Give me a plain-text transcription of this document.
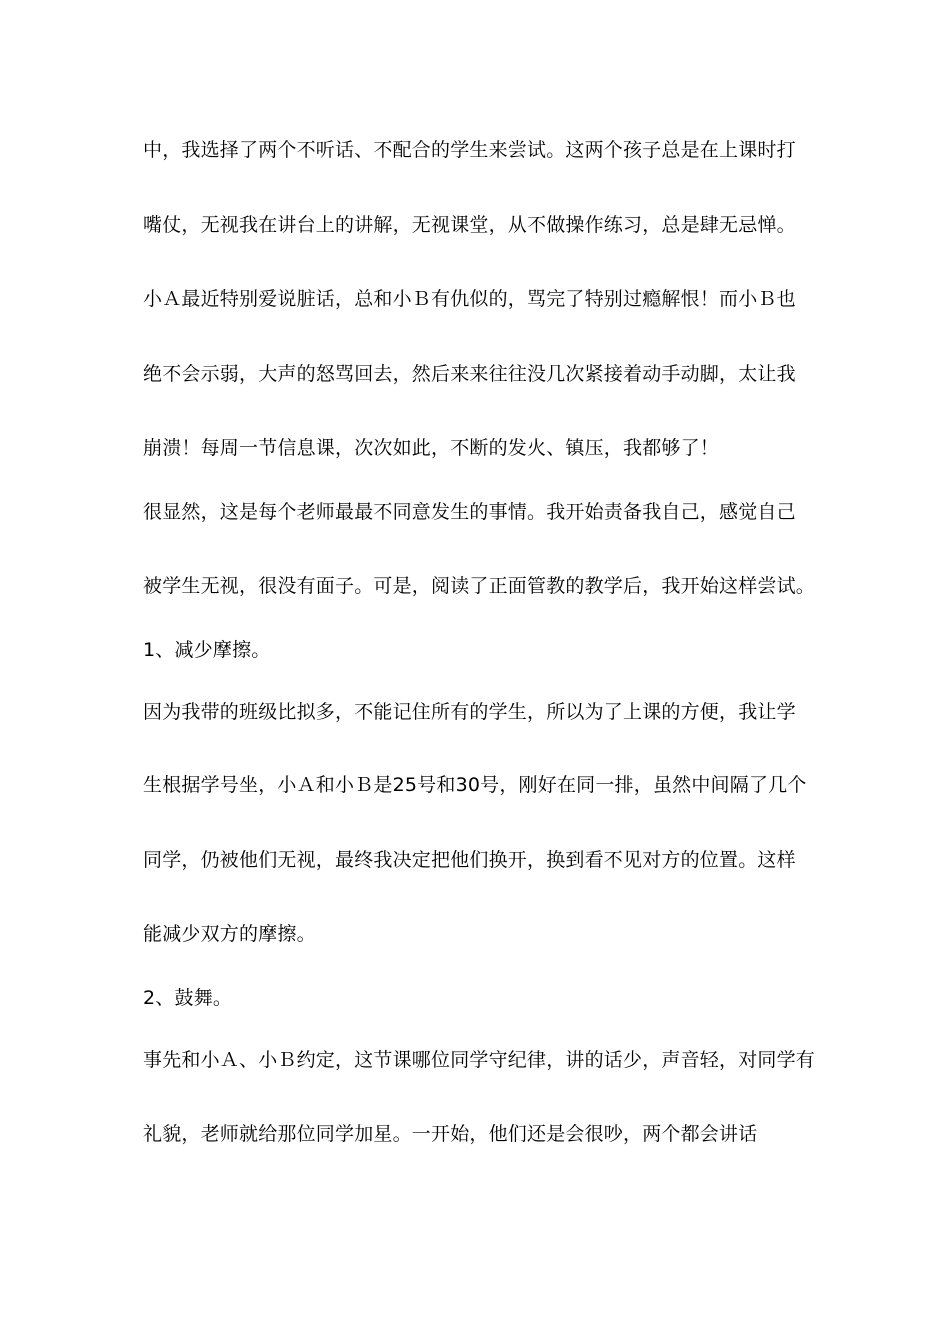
中，我选择了两个不听话、不配合的学生来尝试。这两个孩子总是在上课时打
嘴仗，无视我在讲台上的讲解，无视课堂，从不做操作练习，总是肆无忌惮。
小Ａ最近特别爱说脏话，总和小Ｂ有仇似的，骂完了特别过瘾解恨！而小Ｂ也
绝不会示弱，大声的怒骂回去，然后来来往往没几次紧接着动手动脚，太让我
崩溃！每周一节信息课，次次如此，不断的发火、镇压，我都够了！
很显然，这是每个老师最最不同意发生的事情。我开始责备我自己，感觉自己
被学生无视，很没有面子。可是，阅读了正面管教的教学后，我开始这样尝试。
1、减少摩擦。
因为我带的班级比拟多，不能记住所有的学生，所以为了上课的方便，我让学
生根据学号坐，小Ａ和小Ｂ是25号和30号，刚好在同一排，虽然中间隔了几个
同学，仍被他们无视，最终我决定把他们换开，换到看不见对方的位置。这样
能减少双方的摩擦。
2、鼓舞。
事先和小Ａ、小Ｂ约定，这节课哪位同学守纪律，讲的话少，声音轻，对同学有
礼貌，老师就给那位同学加星。一开始，他们还是会很吵，两个都会讲话
